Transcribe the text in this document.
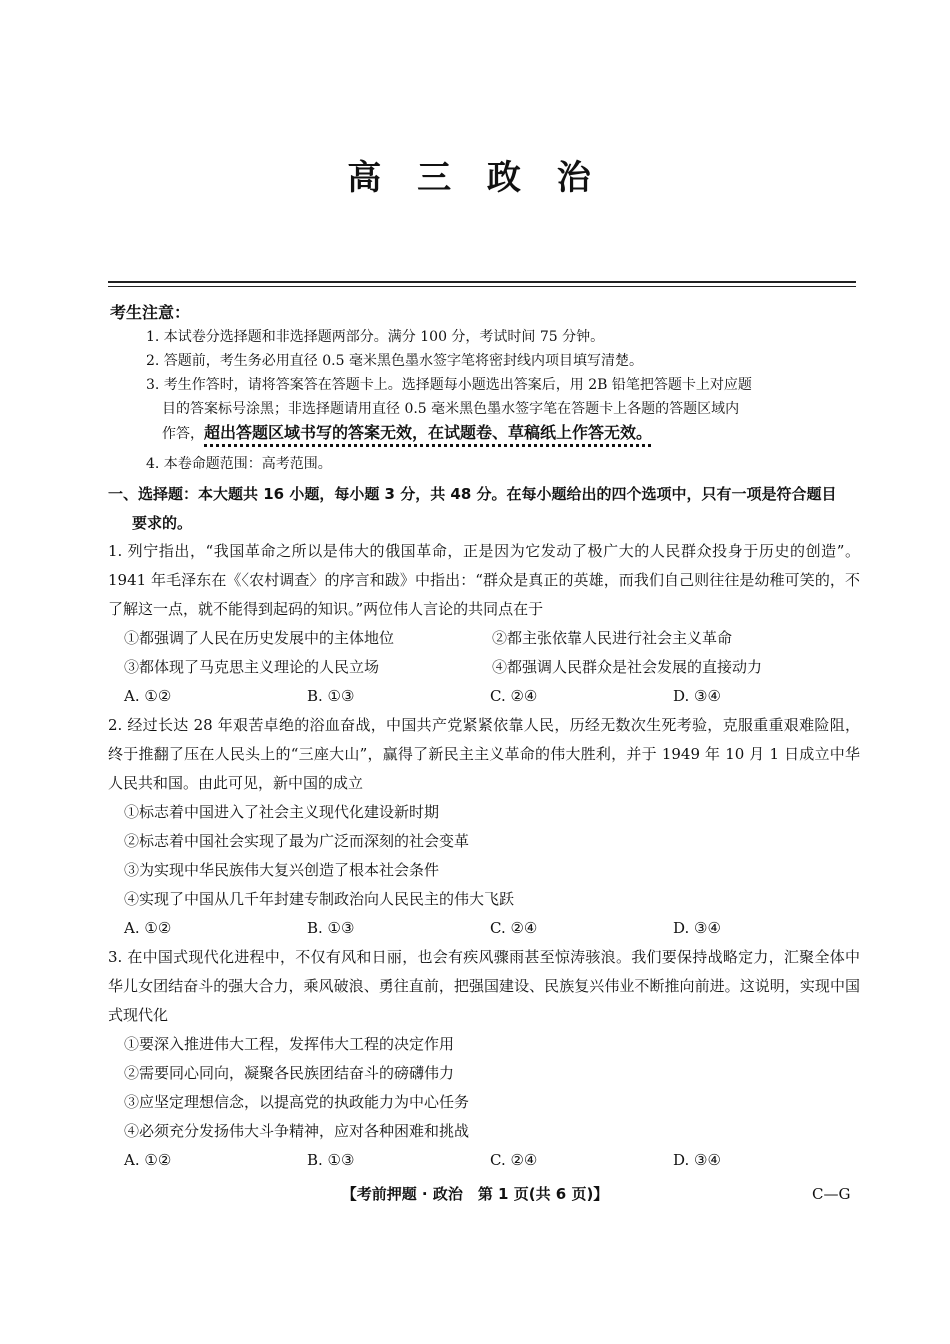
高 三 政 治
考生注意：
1. 本试卷分选择题和非选择题两部分。满分 100 分，考试时间 75 分钟。
2. 答题前，考生务必用直径 0.5 毫米黑色墨水签字笔将密封线内项目填写清楚。
3. 考生作答时，请将答案答在答题卡上。选择题每小题选出答案后，用 2B 铅笔把答题卡上对应题
目的答案标号涂黑；非选择题请用直径 0.5 毫米黑色墨水签字笔在答题卡上各题的答题区域内
作答，超出答题区域书写的答案无效，在试题卷、草稿纸上作答无效。
4. 本卷命题范围：高考范围。
一、选择题：本大题共 16 小题，每小题 3 分，共 48 分。在每小题给出的四个选项中，只有一项是符合题目
要求的。
1. 列宁指出，“我国革命之所以是伟大的俄国革命，正是因为它发动了极广大的人民群众投身于历史的创造”。1941 年毛泽东在《〈农村调查〉的序言和跋》中指出：“群众是真正的英雄，而我们自己则往往是幼稚可笑的，不了解这一点，就不能得到起码的知识。”两位伟人言论的共同点在于
①都强调了人民在历史发展中的主体地位	②都主张依靠人民进行社会主义革命
③都体现了马克思主义理论的人民立场	④都强调人民群众是社会发展的直接动力
A. ①②	B. ①③	C. ②④	D. ③④
2. 经过长达 28 年艰苦卓绝的浴血奋战，中国共产党紧紧依靠人民，历经无数次生死考验，克服重重艰难险阻，终于推翻了压在人民头上的“三座大山”，赢得了新民主主义革命的伟大胜利，并于 1949 年 10 月 1 日成立中华人民共和国。由此可见，新中国的成立
①标志着中国进入了社会主义现代化建设新时期
②标志着中国社会实现了最为广泛而深刻的社会变革
③为实现中华民族伟大复兴创造了根本社会条件
④实现了中国从几千年封建专制政治向人民民主的伟大飞跃
A. ①②	B. ①③	C. ②④	D. ③④
3. 在中国式现代化进程中，不仅有风和日丽，也会有疾风骤雨甚至惊涛骇浪。我们要保持战略定力，汇聚全体中华儿女团结奋斗的强大合力，乘风破浪、勇往直前，把强国建设、民族复兴伟业不断推向前进。这说明，实现中国式现代化
①要深入推进伟大工程，发挥伟大工程的决定作用
②需要同心同向，凝聚各民族团结奋斗的磅礴伟力
③应坚定理想信念，以提高党的执政能力为中心任务
④必须充分发扬伟大斗争精神，应对各种困难和挑战
A. ①②	B. ①③	C. ②④	D. ③④
【考前押题 · 政治　第 1 页(共 6 页)】	C—G
